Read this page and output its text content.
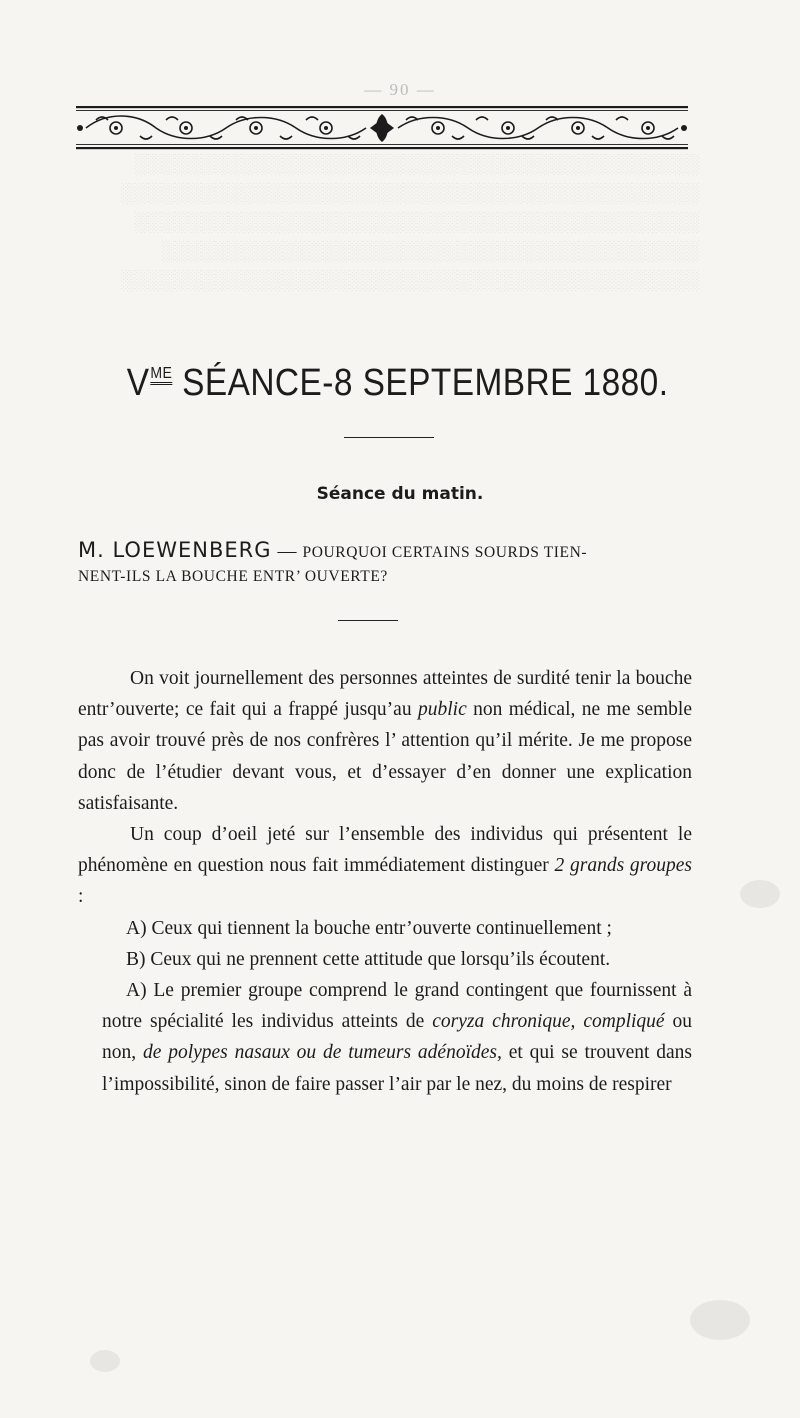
░░░░░░░░░░░░░░░░░░░░░░░░░░░░░░░░░░░░░░░░░░
░░░░░░░░░░░░░░░░░░░░░░░░░░░░░░░░░░░░░░░░░░░
░░░░░░░░░░░░░░░░░░░░░░░░░░░░░░░░░░░░░░░░░░
░░░░░░░░░░░░░░░░░░░░░░░░░░░░░░░░░░░░░░░░
░░░░░░░░░░░░░░░░░░░░░░░░░░░░░░░░░░░░░░░░░░░
— 90 —
$V^{ME}$ SÉANCE-8 SEPTEMBRE 1880.
Séance du matin.
M. LOEWENBERG — POURQUOI CERTAINS SOURDS TIEN-
NENT-ILS LA BOUCHE ENTR’ OUVERTE?

On voit journellement des personnes atteintes de surdité tenir la bouche entr’ouverte; ce fait qui a frappé jusqu’au public non médical, ne me semble pas avoir trouvé près de nos confrères l’ attention qu’il mérite. Je me propose donc de l’étudier devant vous, et d’essayer d’en donner une explication satisfaisante.

Un coup d’oeil jeté sur l’ensemble des individus qui présentent le phénomène en question nous fait immédiatement distinguer 2 grands groupes :

A) Ceux qui tiennent la bouche entr’ouverte continuellement ;

B) Ceux qui ne prennent cette attitude que lorsqu’ils écoutent.

A) Le premier groupe comprend le grand contingent que fournissent à notre spécialité les individus atteints de coryza chronique, compliqué ou non, de polypes nasaux ou de tumeurs adénoïdes, et qui se trouvent dans l’impossibilité, sinon de faire passer l’air par le nez, du moins de respirer
